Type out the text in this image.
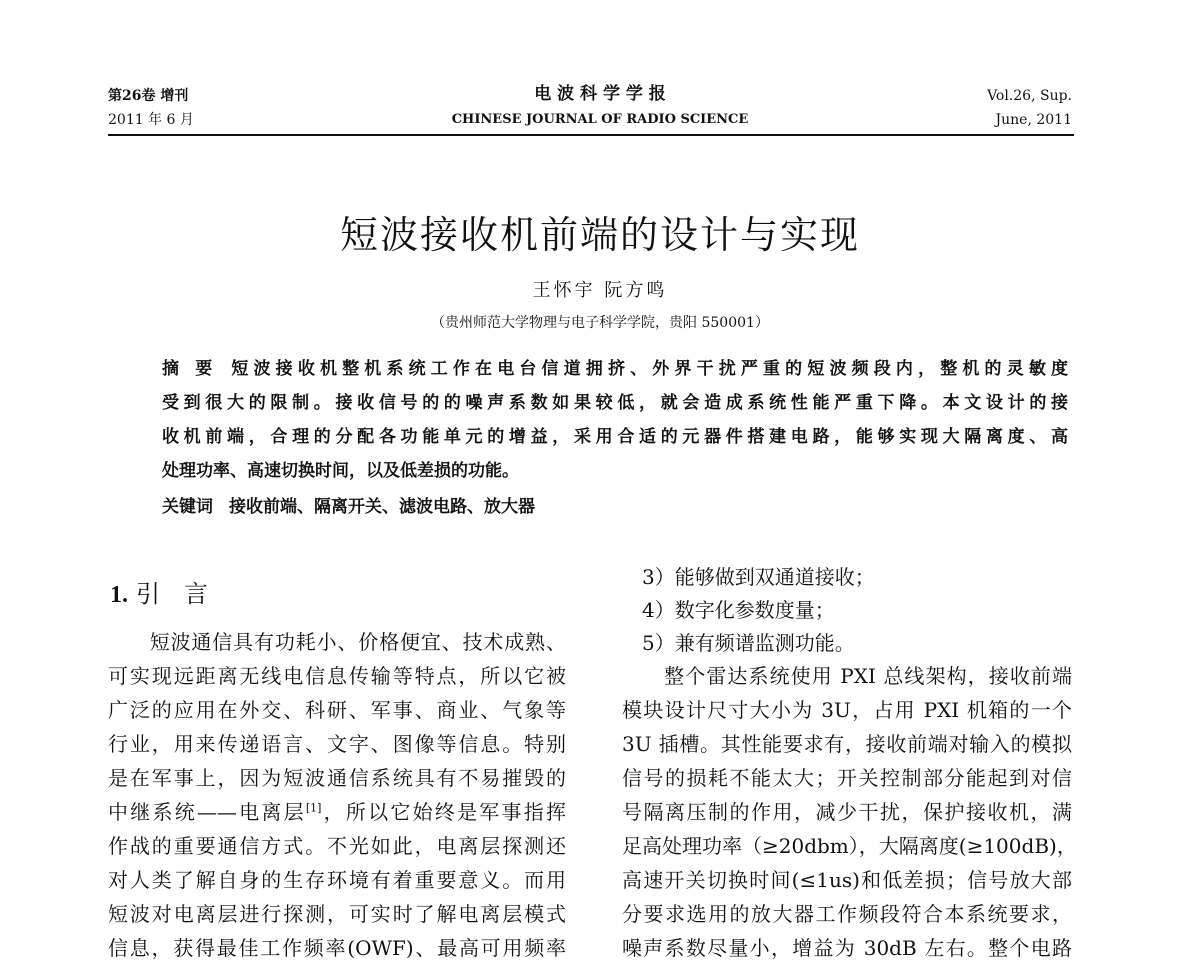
第26卷 增刊
2011 年 6 月
电 波 科 学 学 报
CHINESE JOURNAL OF RADIO SCIENCE
Vol.26, Sup.
June, 2011
短波接收机前端的设计与实现
王怀宇 阮方鸣
（贵州师范大学物理与电子科学学院，贵阳 550001）
摘 要 短波接收机整机系统工作在电台信道拥挤、外界干扰严重的短波频段内，整机的灵敏度
受到很大的限制。接收信号的的噪声系数如果较低，就会造成系统性能严重下降。本文设计的接
收机前端，合理的分配各功能单元的增益，采用合适的元器件搭建电路，能够实现大隔离度、高
处理功率、高速切换时间，以及低差损的功能。
关键词 接收前端、隔离开关、滤波电路、放大器
1. 引　言
　　短波通信具有功耗小、价格便宜、技术成熟、
可实现远距离无线电信息传输等特点，所以它被
广泛的应用在外交、科研、军事、商业、气象等
行业，用来传递语言、文字、图像等信息。特别
是在军事上，因为短波通信系统具有不易摧毁的
中继系统——电离层[1]，所以它始终是军事指挥
作战的重要通信方式。不光如此，电离层探测还
对人类了解自身的生存环境有着重要意义。而用
短波对电离层进行探测，可实时了解电离层模式
信息，获得最佳工作频率(OWF)、最高可用频率
　3）能够做到双通道接收；
　4）数字化参数度量；
　5）兼有频谱监测功能。
　　整个雷达系统使用 PXI 总线架构，接收前端
模块设计尺寸大小为 3U，占用 PXI 机箱的一个
3U 插槽。其性能要求有，接收前端对输入的模拟
信号的损耗不能太大；开关控制部分能起到对信
号隔离压制的作用，减少干扰，保护接收机，满
足高处理功率（≥20dbm），大隔离度(≥100dB)，
高速开关切换时间(≤1us)和低差损；信号放大部
分要求选用的放大器工作频段符合本系统要求，
噪声系数尽量小，增益为 30dB 左右。整个电路
